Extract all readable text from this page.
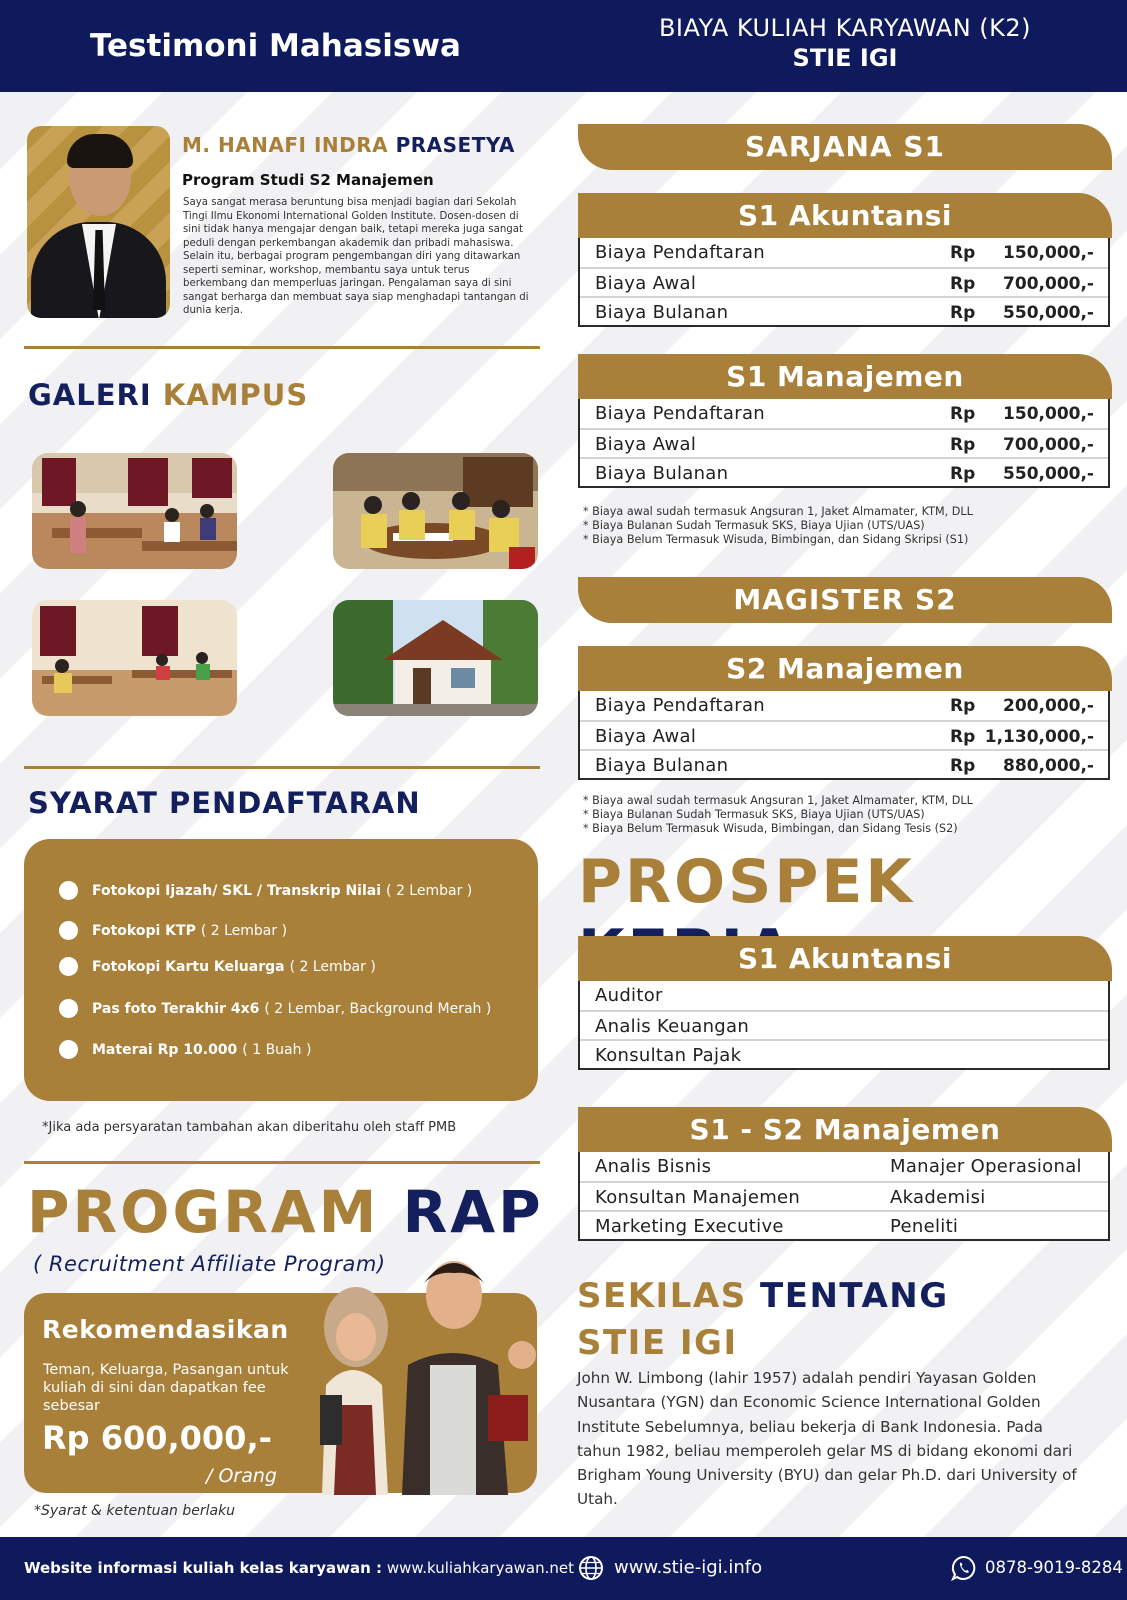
Testimoni Mahasiswa	BIAYA KULIAH KARYAWAN (K2)
STIE IGI
M. HANAFI INDRA PRASETYA
Program Studi S2 Manajemen
Saya sangat merasa beruntung bisa menjadi bagian dari Sekolah Tingi Ilmu Ekonomi International Golden Institute. Dosen-dosen di sini tidak hanya mengajar dengan baik, tetapi mereka juga sangat peduli dengan perkembangan akademik dan pribadi mahasiswa. Selain itu, berbagai program pengembangan diri yang ditawarkan seperti seminar, workshop, membantu saya untuk terus berkembang dan memperluas jaringan. Pengalaman saya di sini sangat berharga dan membuat saya siap menghadapi tantangan di dunia kerja.
GALERI KAMPUS
SYARAT PENDAFTARAN
Fotokopi Ijazah/ SKL / Transkrip Nilai ( 2 Lembar )
Fotokopi KTP ( 2 Lembar )
Fotokopi Kartu Keluarga ( 2 Lembar )
Pas foto Terakhir 4x6 ( 2 Lembar, Background Merah )
Materai Rp 10.000 ( 1 Buah )
*Jika ada persyaratan tambahan akan diberitahu oleh staff PMB
PROGRAM RAP
( Recruitment Affiliate Program)
Rekomendasikan
Teman, Keluarga, Pasangan untuk kuliah di sini dan dapatkan fee sebesar
Rp 600,000,-
/ Orang
*Syarat & ketentuan berlaku
SARJANA S1
S1 Akuntansi
Biaya Pendaftaran	Rp 150,000,-
Biaya Awal	Rp 700,000,-
Biaya Bulanan	Rp 550,000,-
S1 Manajemen
Biaya Pendaftaran	Rp 150,000,-
Biaya Awal	Rp 700,000,-
Biaya Bulanan	Rp 550,000,-
* Biaya awal sudah termasuk Angsuran 1, Jaket Almamater, KTM, DLL
* Biaya Bulanan Sudah Termasuk SKS, Biaya Ujian (UTS/UAS)
* Biaya Belum Termasuk Wisuda, Bimbingan, dan Sidang Skripsi (S1)
MAGISTER S2
S2 Manajemen
Biaya Pendaftaran	Rp 200,000,-
Biaya Awal	Rp 1,130,000,-
Biaya Bulanan	Rp 880,000,-
* Biaya awal sudah termasuk Angsuran 1, Jaket Almamater, KTM, DLL
* Biaya Bulanan Sudah Termasuk SKS, Biaya Ujian (UTS/UAS)
* Biaya Belum Termasuk Wisuda, Bimbingan, dan Sidang Tesis (S2)
PROSPEK
S1 Akuntansi
Auditor
Analis Keuangan
Konsultan Pajak
S1 - S2 Manajemen
Analis Bisnis	Manajer Operasional
Konsultan Manajemen	Akademisi
Marketing Executive	Peneliti
SEKILAS TENTANG
STIE IGI
John W. Limbong (lahir 1957) adalah pendiri Yayasan Golden Nusantara (YGN) dan Economic Science International Golden Institute Sebelumnya, beliau bekerja di Bank Indonesia. Pada tahun 1982, beliau memperoleh gelar MS di bidang ekonomi dari Brigham Young University (BYU) dan gelar Ph.D. dari University of Utah.
Website informasi kuliah kelas karyawan : www.kuliahkaryawan.net www.stie-igi.info	0878-9019-8284
